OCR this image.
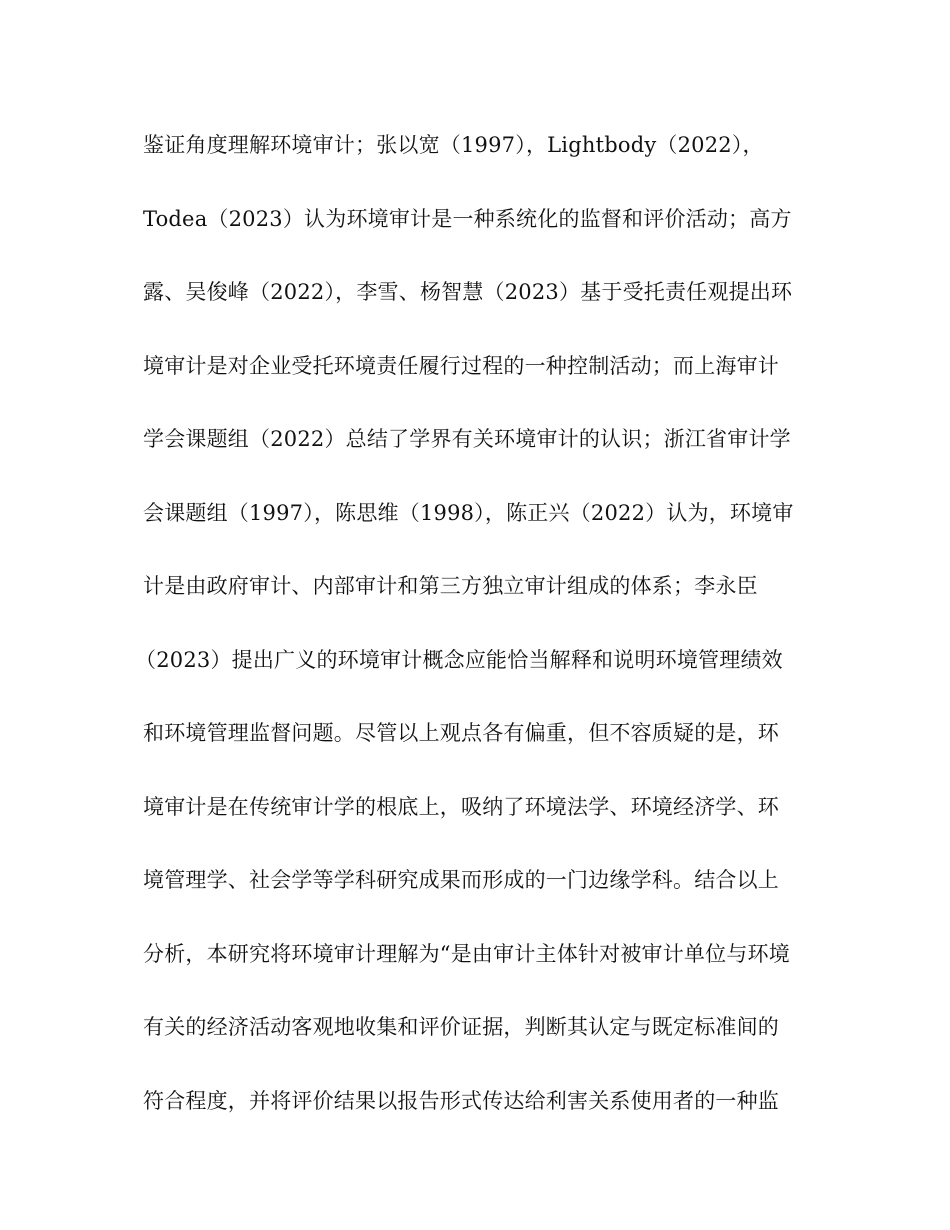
鉴证角度理解环境审计；张以宽（1997），Lightbody（2022），
Todea（2023）认为环境审计是一种系统化的监督和评价活动；高方
露、吴俊峰（2022），李雪、杨智慧（2023）基于受托责任观提出环
境审计是对企业受托环境责任履行过程的一种控制活动；而上海审计
学会课题组（2022）总结了学界有关环境审计的认识；浙江省审计学
会课题组（1997），陈思维（1998），陈正兴（2022）认为，环境审
计是由政府审计、内部审计和第三方独立审计组成的体系；李永臣
（2023）提出广义的环境审计概念应能恰当解释和说明环境管理绩效
和环境管理监督问题。尽管以上观点各有偏重，但不容质疑的是，环
境审计是在传统审计学的根底上，吸纳了环境法学、环境经济学、环
境管理学、社会学等学科研究成果而形成的一门边缘学科。结合以上
分析，本研究将环境审计理解为“是由审计主体针对被审计单位与环境
有关的经济活动客观地收集和评价证据，判断其认定与既定标准间的
符合程度，并将评价结果以报告形式传达给利害关系使用者的一种监
